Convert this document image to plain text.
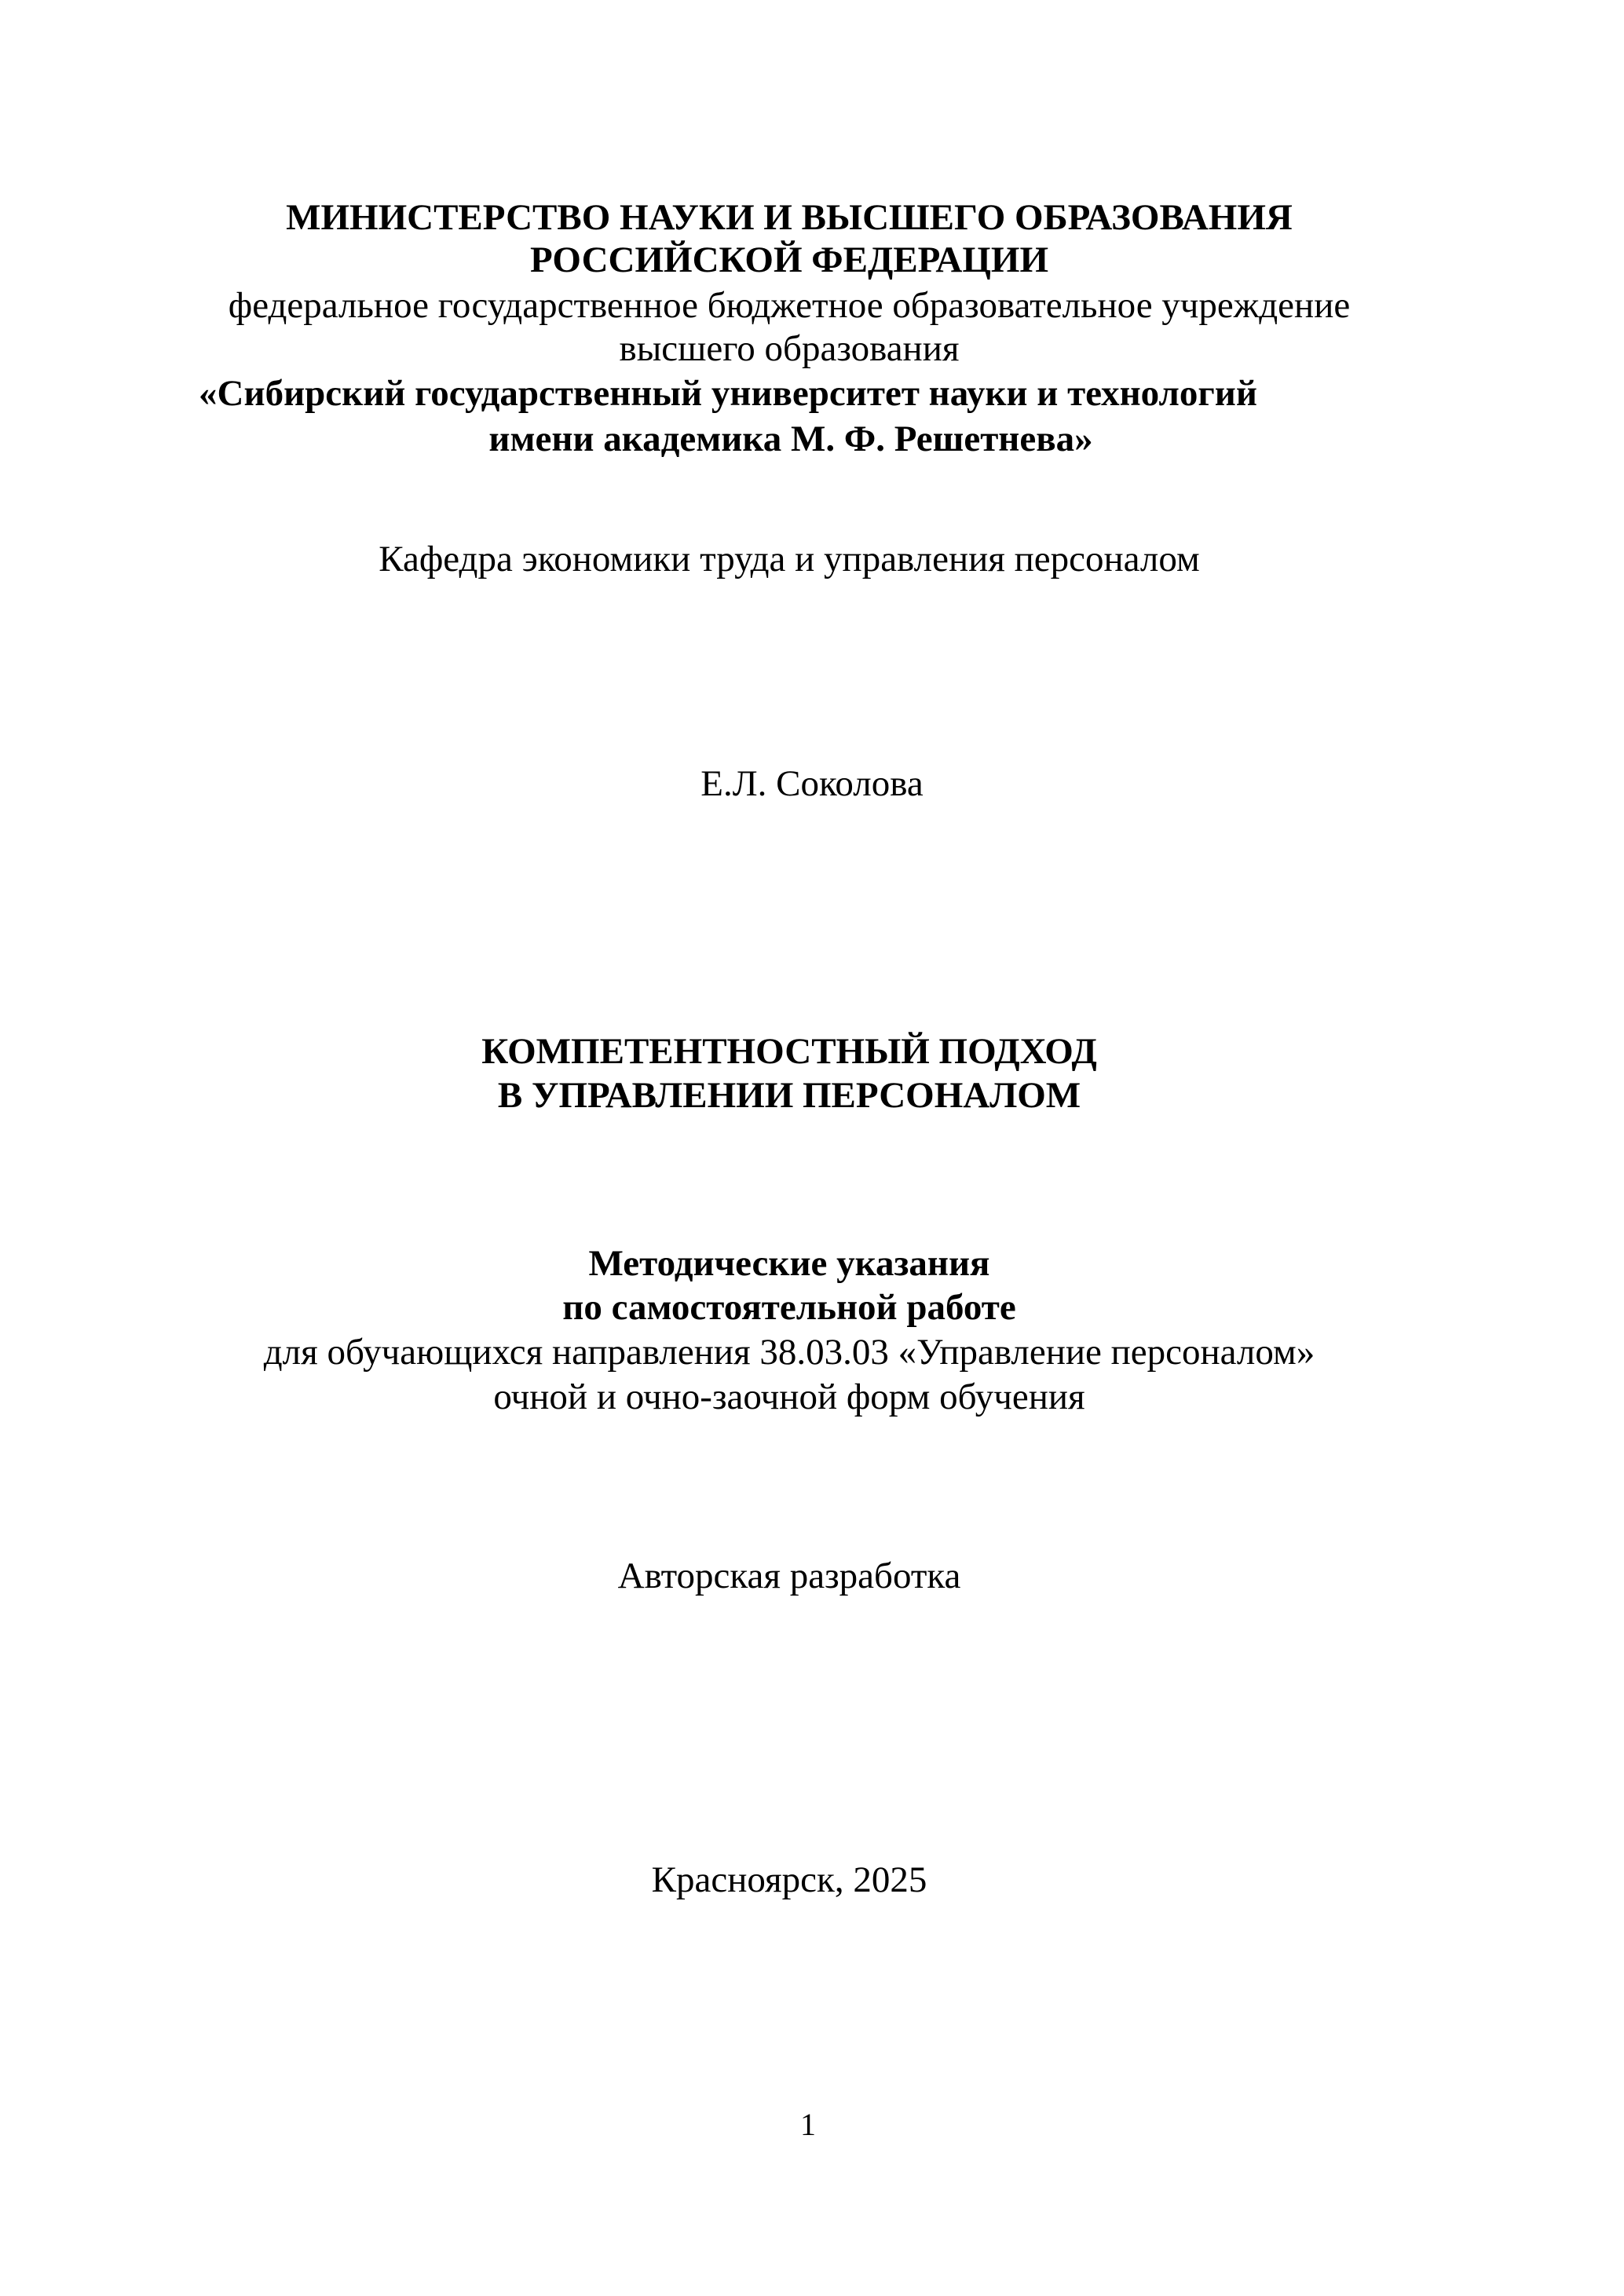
МИНИСТЕРСТВО НАУКИ И ВЫСШЕГО ОБРАЗОВАНИЯ
РОССИЙСКОЙ ФЕДЕРАЦИИ
федеральное государственное бюджетное образовательное учреждение
высшего образования
«Сибирский государственный университет науки и технологий
имени академика М. Ф. Решетнева»
Кафедра экономики труда и управления персоналом
Е.Л. Соколова
КОМПЕТЕНТНОСТНЫЙ ПОДХОД
В УПРАВЛЕНИИ ПЕРСОНАЛОМ
Методические указания
по самостоятельной работе
для обучающихся направления 38.03.03 «Управление персоналом»
очной и очно-заочной форм обучения
Авторская разработка
Красноярск, 2025
1
